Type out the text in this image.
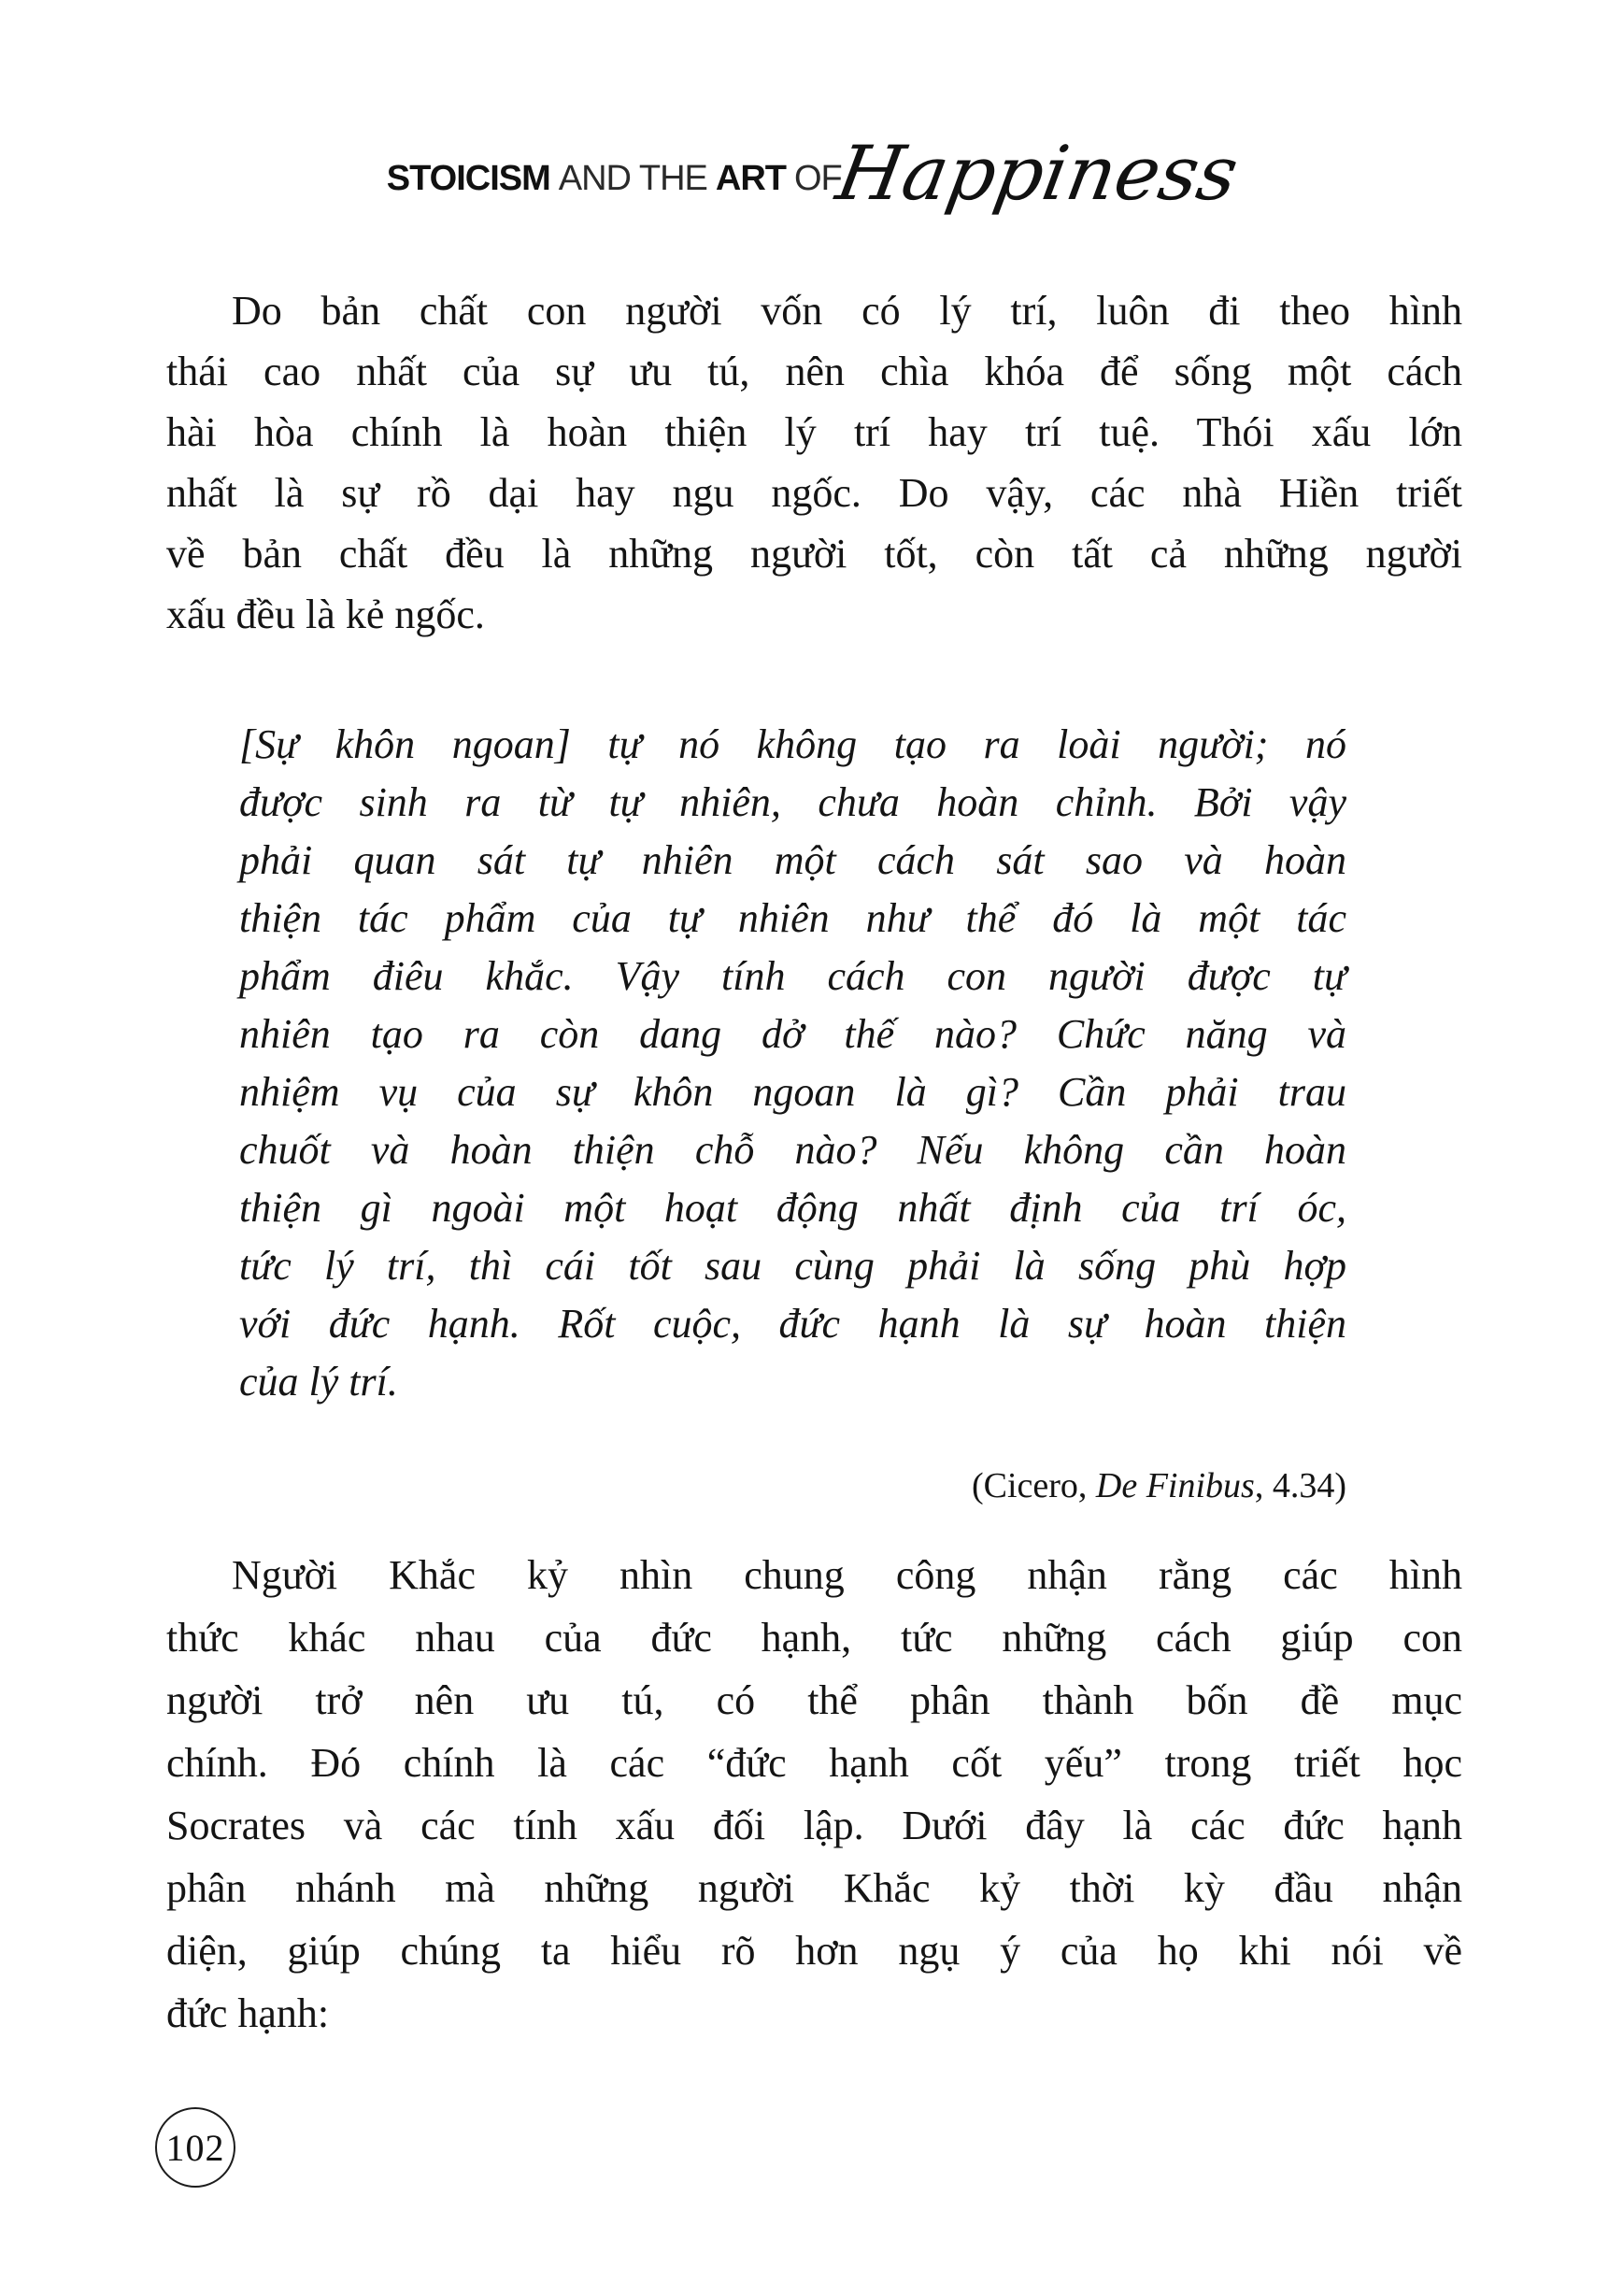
STOICISM AND THE ART OF
Happiness
Do bản chất con người vốn có lý trí, luôn đi theo hình
thái cao nhất của sự ưu tú, nên chìa khóa để sống một cách
hài hòa chính là hoàn thiện lý trí hay trí tuệ. Thói xấu lớn
nhất là sự rồ dại hay ngu ngốc. Do vậy, các nhà Hiền triết
về bản chất đều là những người tốt, còn tất cả những người
xấu đều là kẻ ngốc.
[Sự khôn ngoan] tự nó không tạo ra loài người; nó
được sinh ra từ tự nhiên, chưa hoàn chỉnh. Bởi vậy
phải quan sát tự nhiên một cách sát sao và hoàn
thiện tác phẩm của tự nhiên như thể đó là một tác
phẩm điêu khắc. Vậy tính cách con người được tự
nhiên tạo ra còn dang dở thế nào? Chức năng và
nhiệm vụ của sự khôn ngoan là gì? Cần phải trau
chuốt và hoàn thiện chỗ nào? Nếu không cần hoàn
thiện gì ngoài một hoạt động nhất định của trí óc,
tức lý trí, thì cái tốt sau cùng phải là sống phù hợp
với đức hạnh. Rốt cuộc, đức hạnh là sự hoàn thiện
của lý trí.
(Cicero, De Finibus, 4.34)
Người Khắc kỷ nhìn chung công nhận rằng các hình
thức khác nhau của đức hạnh, tức những cách giúp con
người trở nên ưu tú, có thể phân thành bốn đề mục
chính. Đó chính là các “đức hạnh cốt yếu” trong triết học
Socrates và các tính xấu đối lập. Dưới đây là các đức hạnh
phân nhánh mà những người Khắc kỷ thời kỳ đầu nhận
diện, giúp chúng ta hiểu rõ hơn ngụ ý của họ khi nói về
đức hạnh:
102
